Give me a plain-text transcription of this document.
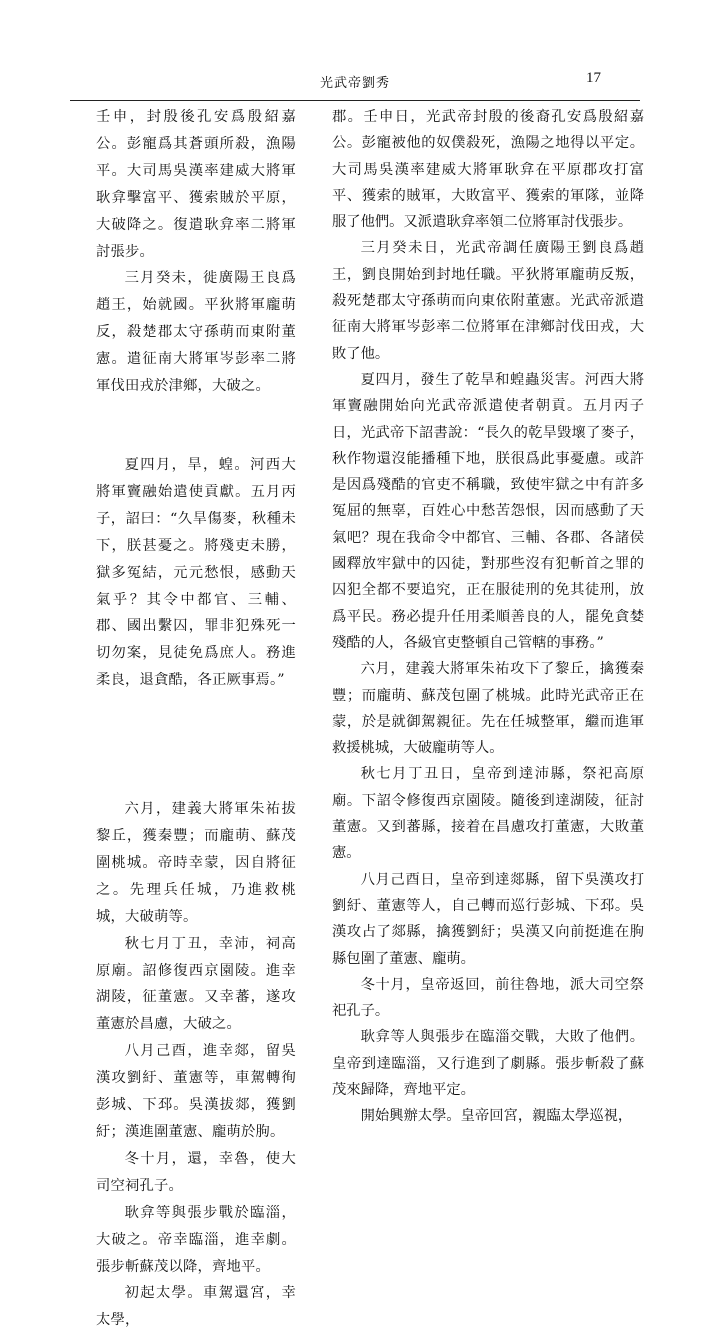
光武帝劉秀	17

壬申，封殷後孔安爲殷紹嘉公。彭寵爲其蒼頭所殺，漁陽平。大司馬吳漢率建威大將軍耿弇擊富平、獲索賊於平原，大破降之。復遣耿弇率二將軍討張步。

三月癸未，徙廣陽王良爲趙王，始就國。平狄將軍龐萌反，殺楚郡太守孫萌而東附董憲。遣征南大將軍岑彭率二將軍伐田戎於津鄉，大破之。

夏四月，旱，蝗。河西大將軍竇融始遣使貢獻。五月丙子，詔曰：“久旱傷麥，秋種未下，朕甚憂之。將殘吏未勝，獄多冤結，元元愁恨，感動天氣乎？其令中都官、三輔、郡、國出繫囚，罪非犯殊死一切勿案，見徒免爲庶人。務進柔良，退貪酷，各正厥事焉。”

六月，建義大將軍朱祐拔黎丘，獲秦豐；而龐萌、蘇茂圍桃城。帝時幸蒙，因自將征之。先理兵任城，乃進救桃城，大破萌等。

秋七月丁丑，幸沛，祠高原廟。詔修復西京園陵。進幸湖陵，征董憲。又幸蕃，遂攻董憲於昌慮，大破之。

八月己酉，進幸郯，留吳漢攻劉紆、董憲等，車駕轉徇彭城、下邳。吳漢拔郯，獲劉紆；漢進圍董憲、龐萌於朐。

冬十月，還，幸魯，使大司空祠孔子。

耿弇等與張步戰於臨淄，大破之。帝幸臨淄，進幸劇。張步斬蘇茂以降，齊地平。

初起太學。車駕還宮，幸太學，

郡。壬申日，光武帝封殷的後裔孔安爲殷紹嘉公。彭寵被他的奴僕殺死，漁陽之地得以平定。大司馬吳漢率建威大將軍耿弇在平原郡攻打富平、獲索的賊軍，大敗富平、獲索的軍隊，並降服了他們。又派遣耿弇率領二位將軍討伐張步。

三月癸未日，光武帝調任廣陽王劉良爲趙王，劉良開始到封地任職。平狄將軍龐萌反叛，殺死楚郡太守孫萌而向東依附董憲。光武帝派遣征南大將軍岑彭率二位將軍在津鄉討伐田戎，大敗了他。

夏四月，發生了乾旱和蝗蟲災害。河西大將軍竇融開始向光武帝派遣使者朝貢。五月丙子日，光武帝下詔書說：“長久的乾旱毀壞了麥子，秋作物還沒能播種下地，朕很爲此事憂慮。或許是因爲殘酷的官吏不稱職，致使牢獄之中有許多冤屈的無辜，百姓心中愁苦怨恨，因而感動了天氣吧？現在我命令中都官、三輔、各郡、各諸侯國釋放牢獄中的囚徒，對那些沒有犯斬首之罪的囚犯全都不要追究，正在服徒刑的免其徒刑，放爲平民。務必提升任用柔順善良的人，罷免貪婪殘酷的人，各級官吏整頓自己管轄的事務。”

六月，建義大將軍朱祐攻下了黎丘，擒獲秦豐；而龐萌、蘇茂包圍了桃城。此時光武帝正在蒙，於是就御駕親征。先在任城整軍，繼而進軍救援桃城，大破龐萌等人。

秋七月丁丑日，皇帝到達沛縣，祭祀高原廟。下詔令修復西京園陵。隨後到達湖陵，征討董憲。又到蕃縣，接着在昌慮攻打董憲，大敗董憲。

八月己酉日，皇帝到達郯縣，留下吳漢攻打劉紆、董憲等人，自己轉而巡行彭城、下邳。吳漢攻占了郯縣，擒獲劉紆；吳漢又向前挺進在朐縣包圍了董憲、龐萌。

冬十月，皇帝返回，前往魯地，派大司空祭祀孔子。

耿弇等人與張步在臨淄交戰，大敗了他們。皇帝到達臨淄，又行進到了劇縣。張步斬殺了蘇茂來歸降，齊地平定。

開始興辦太學。皇帝回宮，親臨太學巡視，
